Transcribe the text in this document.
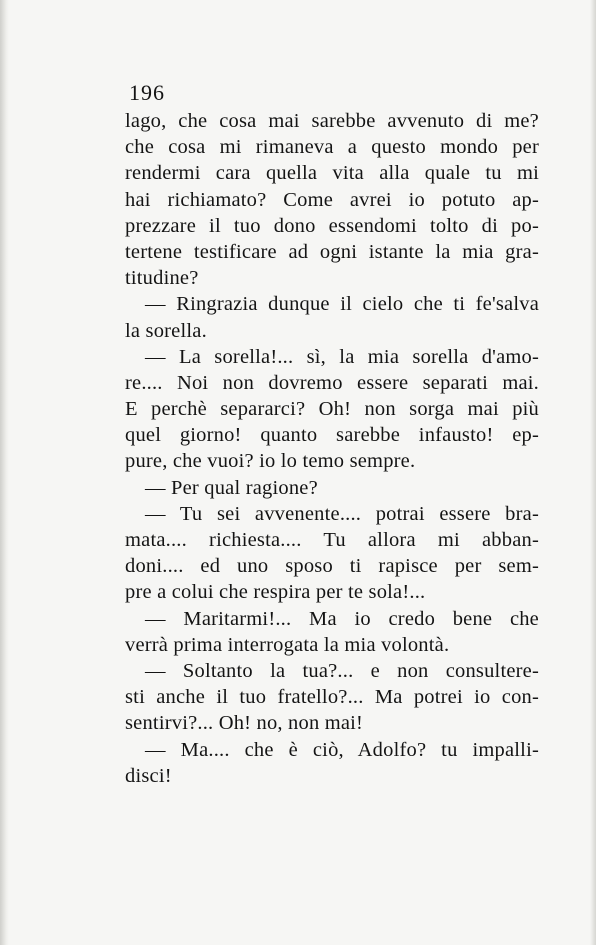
196
lago, che cosa mai sarebbe avvenuto di me?
che cosa mi rimaneva a questo mondo per
rendermi cara quella vita alla quale tu mi
hai richiamato? Come avrei io potuto ap-
prezzare il tuo dono essendomi tolto di po-
tertene testificare ad ogni istante la mia gra-
titudine?
— Ringrazia dunque il cielo che ti fe'salva
la sorella.
— La sorella!... sì, la mia sorella d'amo-
re.... Noi non dovremo essere separati mai.
E perchè separarci? Oh! non sorga mai più
quel giorno! quanto sarebbe infausto! ep-
pure, che vuoi? io lo temo sempre.
— Per qual ragione?
— Tu sei avvenente.... potrai essere bra-
mata.... richiesta.... Tu allora mi abban-
doni.... ed uno sposo ti rapisce per sem-
pre a colui che respira per te sola!...
— Maritarmi!... Ma io credo bene che
verrà prima interrogata la mia volontà.
— Soltanto la tua?... e non consultere-
sti anche il tuo fratello?... Ma potrei io con-
sentirvi?... Oh! no, non mai!
— Ma.... che è ciò, Adolfo? tu impalli-
disci!
